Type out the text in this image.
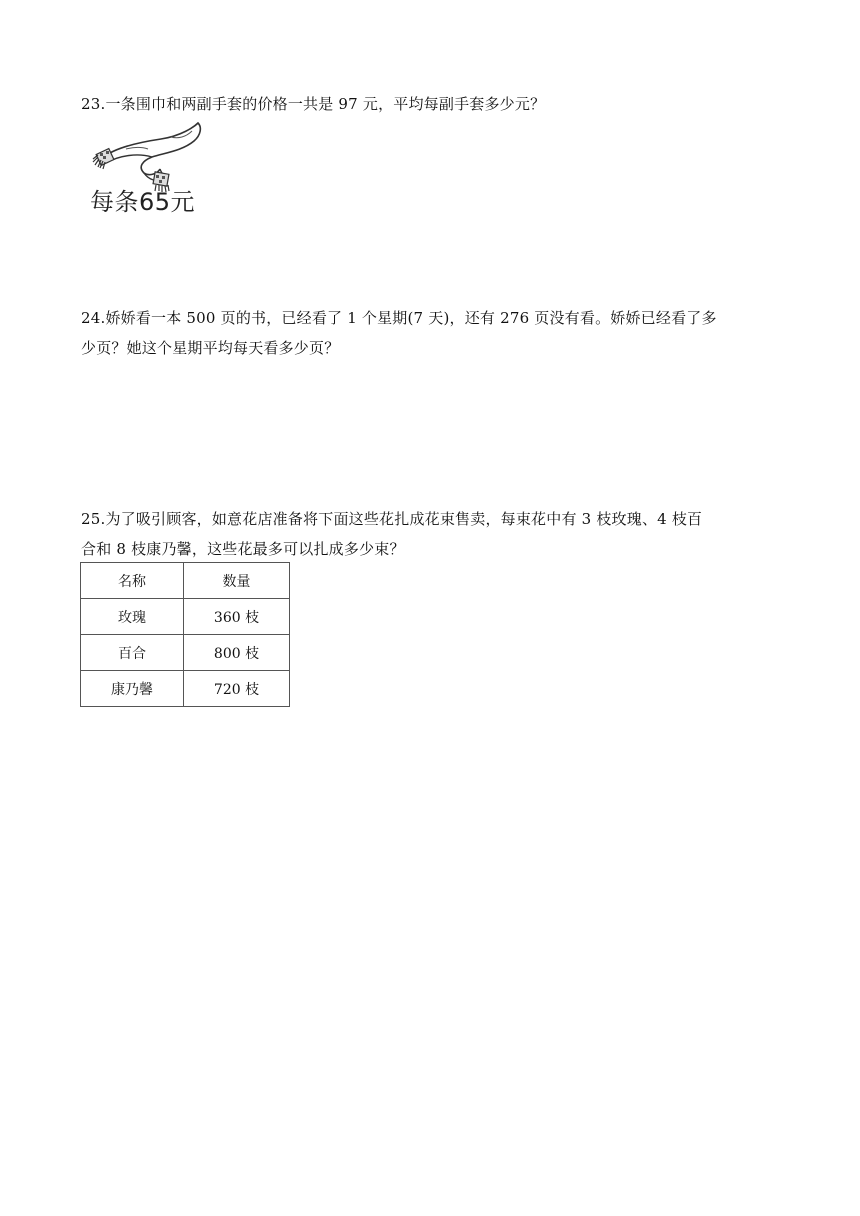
23.一条围巾和两副手套的价格一共是 97 元，平均每副手套多少元？
每条65元
24.娇娇看一本 500 页的书，已经看了 1 个星期(7 天)，还有 276 页没有看。娇娇已经看了多
少页？她这个星期平均每天看多少页？
25.为了吸引顾客，如意花店准备将下面这些花扎成花束售卖，每束花中有 3 枝玫瑰、4 枝百
合和 8 枝康乃馨，这些花最多可以扎成多少束？
名称	数量
玫瑰	360 枝
百合	800 枝
康乃馨	720 枝
